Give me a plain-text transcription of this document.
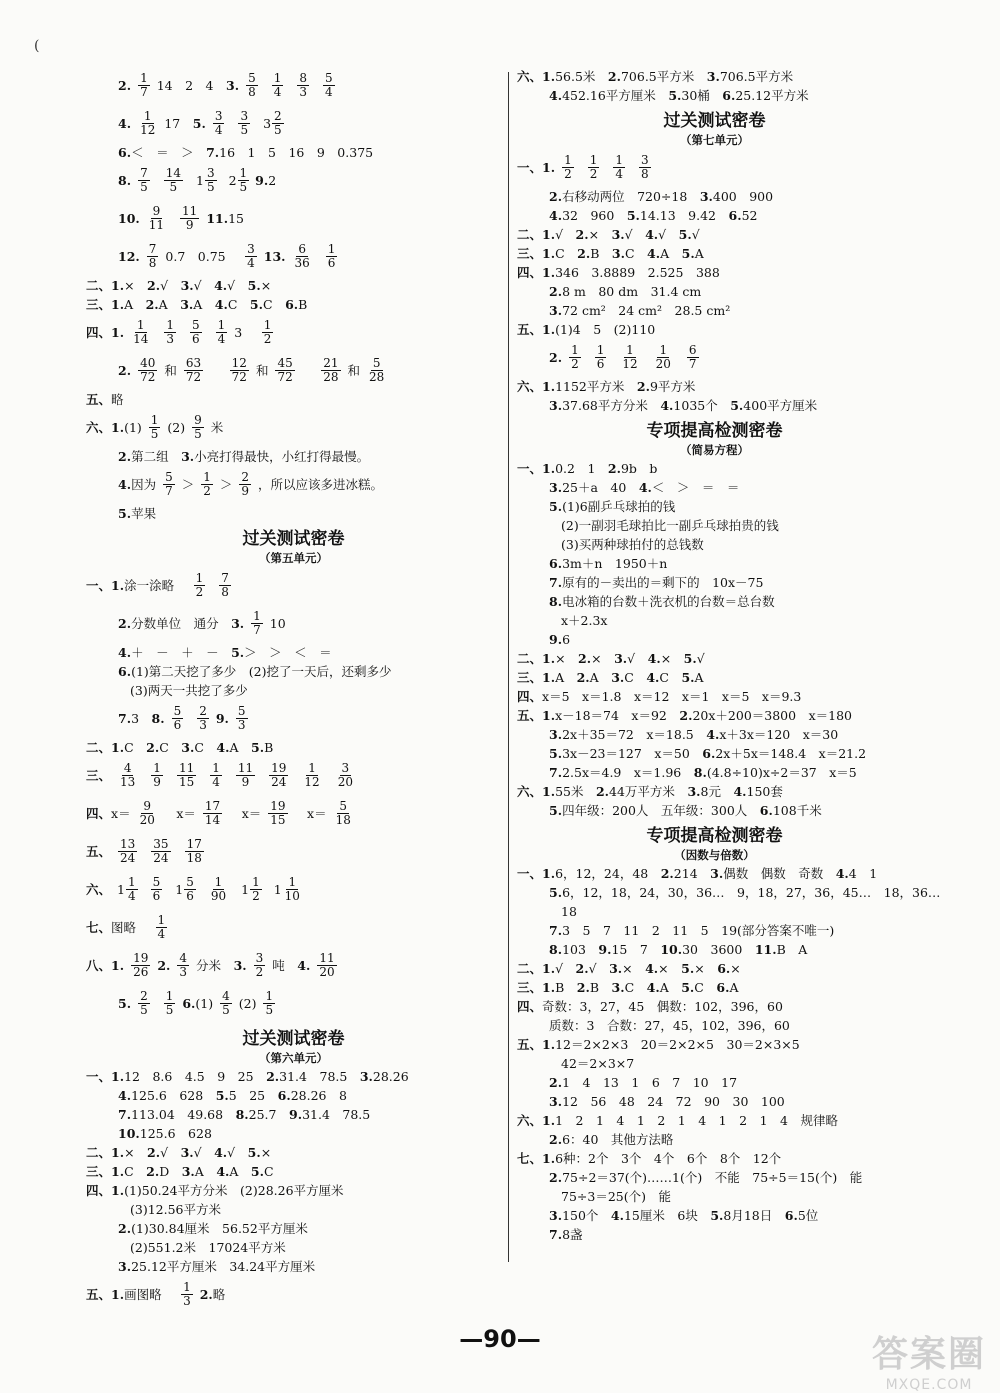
(
2. $\frac{1}{7} 14$　2　4　 3. $\frac{5}{8} \frac{1}{4} \frac{8}{3} \frac{5}{4}$
4. $\frac{1}{12} 17$　 5. $\frac{3}{4} \frac{3}{5} 3 \frac{2}{5}$
6.＜　＝　＞　7.16　1　5　16　9　0.375
8. $\frac{7}{5} \frac{14}{5} 1 \frac{3}{5} 2 \frac{1}{5} 9$. 2
10. $\frac{9}{11} \frac{11}{9} 11$. 15
12. $\frac{7}{8} 0.7$　0.75　 $\frac{3}{4} 13$. $\frac{6}{36} \frac{1}{6}$
二、1.×　2.√　3.√　4.√　5.×
三、1.A　2.A　3.A　4.C　5.C　6.B
四、1. $\frac{1}{14} \frac{1}{3} \frac{5}{6} \frac{1}{4} 3$　 $\frac{1}{2}$
2. $\frac{40}{72}$ 和 $\frac{63}{72}$
　 $\frac{12}{72}$ 和 $\frac{45}{72}$
　 $\frac{21}{28}$ 和 $\frac{5}{28}$
五、略
六、1. $(1) \frac{1}{5} (2) \frac{9}{5}$ 米
2.第二组　3.小亮打得最快，小红打得最慢。
4. 因为 $\frac{5}{7} > \frac{1}{2} > \frac{2}{9}$ ，所以应该多进冰糕。
5.苹果
过关测试密卷
（第五单元）
一、1. 涂一涂略　 $\frac{1}{2} \frac{7}{8}$
2. 分数单位　通分　 3. $\frac{1}{7} 10$
4.＋　－　＋　－　5.＞　＞　＜　＝
6.(1)第二天挖了多少　(2)挖了一天后，还剩多少
(3)两天一共挖了多少
7. 3　 8. $\frac{5}{6} \frac{2}{3} 9$. $\frac{5}{3}$
二、1.C　2.C　3.C　4.A　5.B
三、 $\frac{4}{13} \frac{1}{9} \frac{11}{15} \frac{1}{4} \frac{11}{9} \frac{19}{24} \frac{1}{12} \frac{3}{20}$
四、 $x= \frac{9}{20}$ 　$x= \frac{17}{14}$ 　$x= \frac{19}{15}$ 　$x= \frac{5}{18}$
五、 $\frac{13}{24} \frac{35}{24} \frac{17}{18}$
六、 $1 \frac{1}{4} \frac{5}{6} 1 \frac{5}{6} \frac{1}{90} 1 \frac{1}{2} 1 \frac{1}{10}$
七、 图略　 $\frac{1}{4}$
八、1. $\frac{19}{26} 2$. $\frac{4}{3}$ 分米　 3. $\frac{3}{2}$ 吨　 4. $\frac{11}{20}$
5. $\frac{2}{5} \frac{1}{5} 6$. $(1) \frac{4}{5} (2) \frac{1}{5}$
过关测试密卷
（第六单元）
一、1.12　8.6　4.5　9　25　2.31.4　78.5　3.28.26
4.125.6　628　5.5　25　6.28.26　8
7.113.04　49.68　8.25.7　9.31.4　78.5
10.125.6　628
二、1.×　2.√　3.√　4.√　5.×
三、1.C　2.D　3.A　4.A　5.C
四、1.(1)50.24平方分米　(2)28.26平方厘米
(3)12.56平方米
2.(1)30.84厘米　56.52平方厘米
(2)551.2米　17024平方米
3.25.12平方厘米　34.24平方厘米
五、1. 画图略　 $\frac{1}{3} 2$. 略
六、1.56.5米　2.706.5平方米　3.706.5平方米
4.452.16平方厘米　5.30桶　6.25.12平方米
过关测试密卷
（第七单元）
一、1. $\frac{1}{2} \frac{1}{2} \frac{1}{4} \frac{3}{8}$
2.右移动两位　720÷18　3.400　900
4.32　960　5.14.13　9.42　6.52
二、1.√　2.×　3.√　4.√　5.√
三、1.C　2.B　3.C　4.A　5.A
四、1.346　3.8889　2.525　388
2.8 m　80 dm　31.4 cm
3.72 cm²　24 cm²　28.5 cm²
五、1.(1)4　5　(2)110
2. $\frac{1}{2} \frac{1}{6} \frac{1}{12} \frac{1}{20} \frac{6}{7}$
六、1.1152平方米　2.9平方米
3.37.68平方分米　4.1035个　5.400平方厘米
专项提高检测密卷
（简易方程）
一、1.0.2　1　2.9b　b
3.25＋a　40　4.＜　＞　＝　＝
5.(1)6副乒乓球拍的钱
(2)一副羽毛球拍比一副乒乓球拍贵的钱
(3)买两种球拍付的总钱数
6.3m＋n　1950＋n
7.原有的－卖出的＝剩下的　10x－75
8.电冰箱的台数＋洗衣机的台数＝总台数
x＋2.3x
9.6
二、1.×　2.×　3.√　4.×　5.√
三、1.A　2.A　3.C　4.C　5.A
四、x＝5　x＝1.8　x＝12　x＝1　x＝5　x＝9.3
五、1.x－18＝74　x＝92　2.20x＋200＝3800　x＝180
3.2x＋35＝72　x＝18.5　4.x＋3x＝120　x＝30
5.3x－23＝127　x＝50　6.2x＋5x＝148.4　x＝21.2
7.2.5x＝4.9　x＝1.96　8.(4.8÷10)x÷2＝37　x＝5
六、1.55米　2.44万平方米　3.8元　4.150套
5.四年级：200人　五年级：300人　6.108千米
专项提高检测密卷
（因数与倍数）
一、1.6，12，24，48　2.214　3.偶数　偶数　奇数　4.4　1
5.6，12，18，24，30，36…　9，18，27，36，45…　18，36…
18
7.3　5　7　11　2　11　5　19(部分答案不唯一)
8.103　9.15　7　10.30　3600　11.B　A
二、1.√　2.√　3.×　4.×　5.×　6.×
三、1.B　2.B　3.C　4.A　5.C　6.A
四、奇数：3，27，45　偶数：102，396，60
质数：3　合数：27，45，102，396，60
五、1.12＝2×2×3　20＝2×2×5　30＝2×3×5
42＝2×3×7
2.1　4　13　1　6　7　10　17
3.12　56　48　24　72　90　30　100
六、1.1　2　1　4　1　2　1　4　1　2　1　4　规律略
2.6：40　其他方法略
七、1.6种：2个　3个　4个　6个　8个　12个
2.75÷2＝37(个)……1(个)　不能　75÷5＝15(个)　能
75÷3＝25(个)　能
3.150个　4.15厘米　6块　5.8月18日　6.5位
7.8盏
—90—	答案圈
MXQE.COM
